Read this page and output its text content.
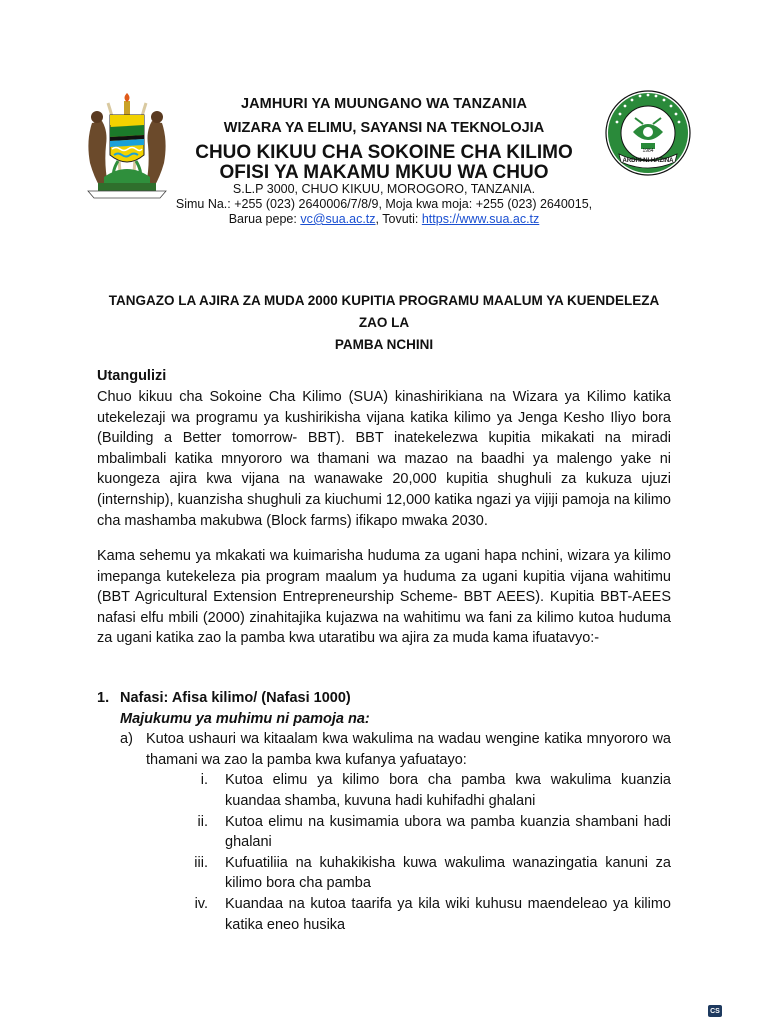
ARDHI NI HAZINA
1984
JAMHURI YA MUUNGANO WA TANZANIA
WIZARA YA ELIMU, SAYANSI NA TEKNOLOJIA
CHUO KIKUU CHA SOKOINE CHA KILIMO
OFISI YA MAKAMU MKUU WA CHUO
S.L.P 3000, CHUO KIKUU, MOROGORO, TANZANIA.
Simu Na.: +255 (023) 2640006/7/8/9, Moja kwa moja: +255 (023) 2640015,
Barua pepe: vc@sua.ac.tz, Tovuti: https://www.sua.ac.tz
TANGAZO LA AJIRA ZA MUDA 2000 KUPITIA PROGRAMU MAALUM YA KUENDELEZA ZAO LA
PAMBA NCHINI
Utangulizi
Chuo kikuu cha Sokoine Cha Kilimo (SUA) kinashirikiana na Wizara ya Kilimo katika utekelezaji wa programu ya kushirikisha vijana katika kilimo ya Jenga Kesho Iliyo bora (Building a Better tomorrow- BBT). BBT inatekelezwa kupitia mikakati na miradi mbalimbali katika mnyororo wa thamani wa mazao na baadhi ya malengo yake ni kuongeza ajira kwa vijana na wanawake 20,000 kupitia shughuli za kukuza ujuzi (internship), kuanzisha shughuli za kiuchumi 12,000 katika ngazi ya vijiji pamoja na kilimo cha mashamba makubwa (Block farms) ifikapo mwaka 2030.
Kama sehemu ya mkakati wa kuimarisha huduma za ugani hapa nchini, wizara ya kilimo imepanga kutekeleza pia program maalum ya huduma za ugani kupitia vijana wahitimu (BBT Agricultural Extension Entrepreneurship Scheme- BBT AEES). Kupitia BBT-AEES nafasi elfu mbili (2000) zinahitajika kujazwa na wahitimu wa fani za kilimo kutoa huduma za ugani katika zao la pamba kwa utaratibu wa ajira za muda kama ifuatavyo:-
1. Nafasi: Afisa kilimo/ (Nafasi 1000)
Majukumu ya muhimu ni pamoja na:
a) Kutoa ushauri wa kitaalam kwa wakulima na wadau wengine katika mnyororo wa thamani wa zao la pamba kwa kufanya yafuatayo:
i.	Kutoa elimu ya kilimo bora cha pamba kwa wakulima kuanzia kuandaa shamba, kuvuna hadi kuhifadhi ghalani
ii.	Kutoa elimu na kusimamia ubora wa pamba kuanzia shambani hadi ghalani
iii.	Kufuatiliia na kuhakikisha kuwa wakulima wanazingatia kanuni za kilimo bora cha pamba
iv.	Kuandaa na kutoa taarifa ya kila wiki kuhusu maendeleao ya kilimo katika eneo husika
CS
